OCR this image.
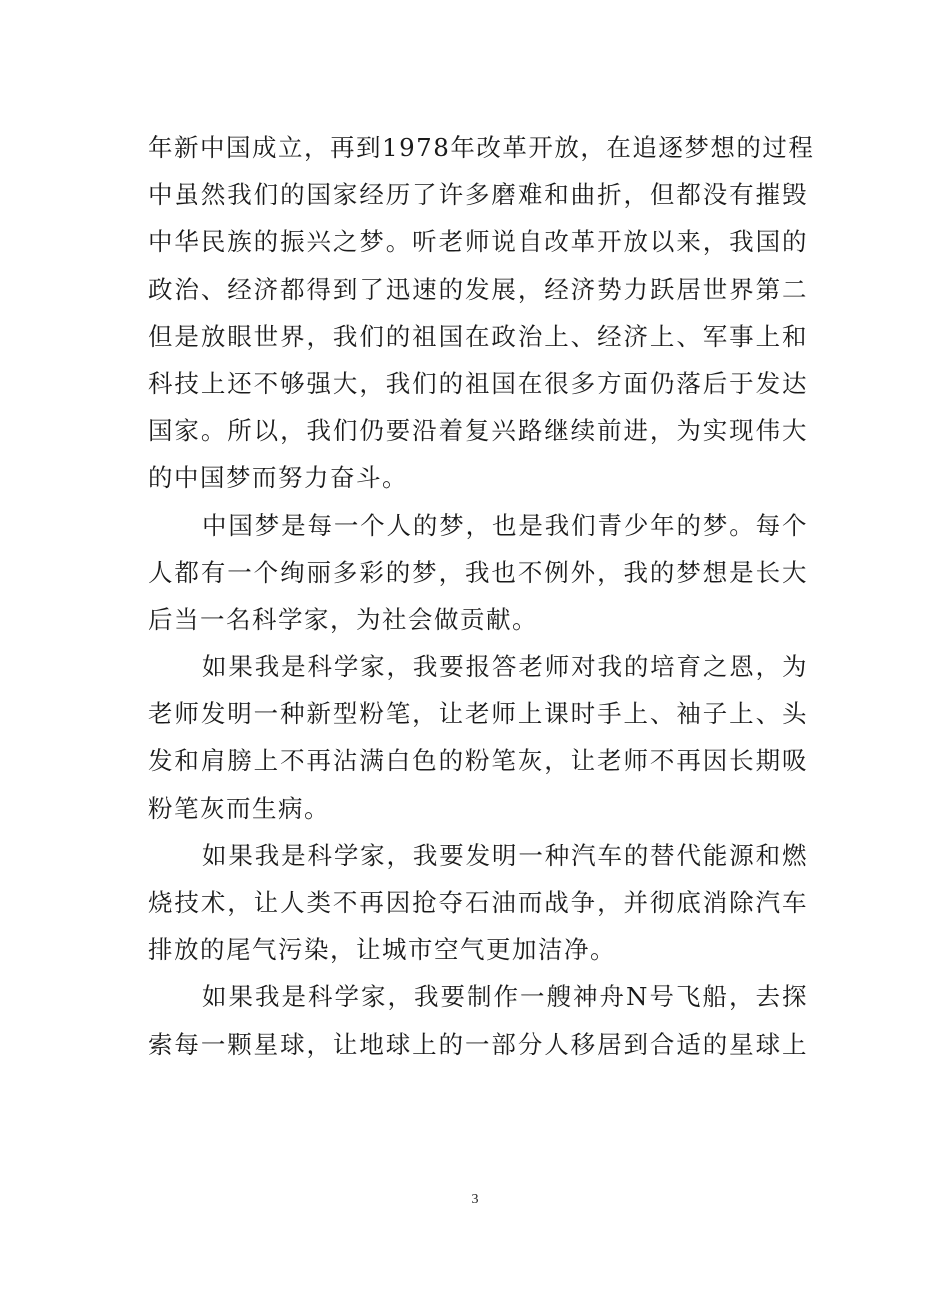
年新中国成立，再到1978年改革开放，在追逐梦想的过程
中虽然我们的国家经历了许多磨难和曲折，但都没有摧毁
中华民族的振兴之梦。听老师说自改革开放以来，我国的
政治、经济都得到了迅速的发展，经济势力跃居世界第二
但是放眼世界，我们的祖国在政治上、经济上、军事上和
科技上还不够强大，我们的祖国在很多方面仍落后于发达
国家。所以，我们仍要沿着复兴路继续前进，为实现伟大
的中国梦而努力奋斗。
中国梦是每一个人的梦，也是我们青少年的梦。每个
人都有一个绚丽多彩的梦，我也不例外，我的梦想是长大
后当一名科学家，为社会做贡献。
如果我是科学家，我要报答老师对我的培育之恩，为
老师发明一种新型粉笔，让老师上课时手上、袖子上、头
发和肩膀上不再沾满白色的粉笔灰，让老师不再因长期吸
粉笔灰而生病。
如果我是科学家，我要发明一种汽车的替代能源和燃
烧技术，让人类不再因抢夺石油而战争，并彻底消除汽车
排放的尾气污染，让城市空气更加洁净。
如果我是科学家，我要制作一艘神舟N号飞船，去探
索每一颗星球，让地球上的一部分人移居到合适的星球上
3
